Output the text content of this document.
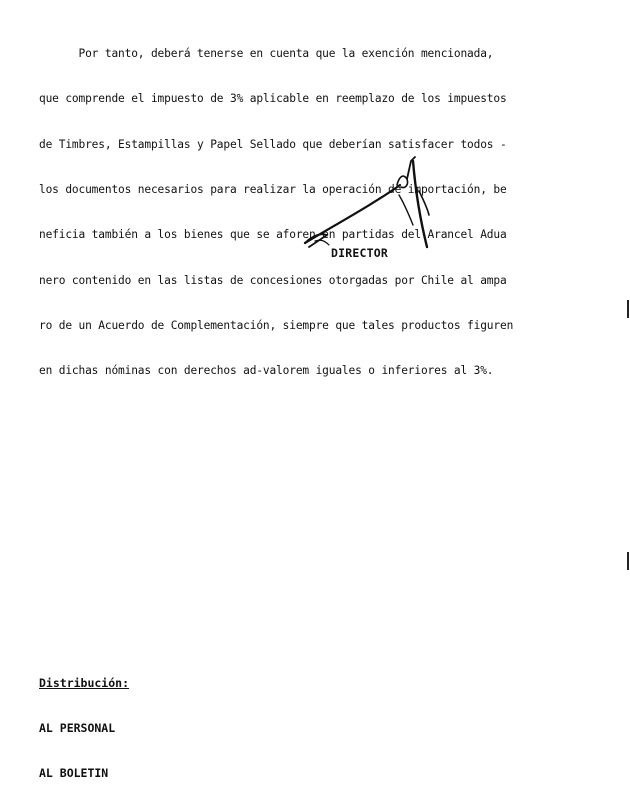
Por tanto, deberá tenerse en cuenta que la exención mencionada,

que comprende el impuesto de 3% aplicable en reemplazo de los impuestos

de Timbres, Estampillas y Papel Sellado que deberían satisfacer todos -

los documentos necesarios para realizar la operación de importación, be

neficia también a los bienes que se aforen en partidas del Arancel Adua

nero contenido en las listas de concesiones otorgadas por Chile al ampa

ro de un Acuerdo de Complementación, siempre que tales productos figuren

en dichas nóminas con derechos ad-valorem iguales o inferiores al 3%.

DIRECTOR

Distribución:

AL PERSONAL

AL BOLETIN
